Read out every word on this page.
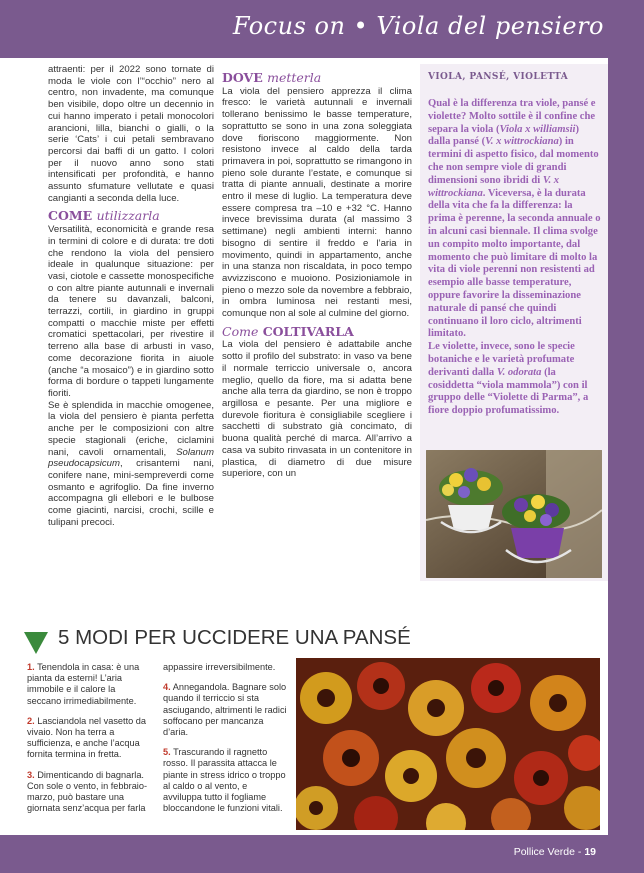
Focus on • Viola del pensiero

attraenti: per il 2022 sono tornate di moda le viole con l’“occhio” nero al centro, non invadente, ma comunque ben visibile, dopo oltre un decennio in cui hanno imperato i petali monocolori arancioni, lilla, bianchi o gialli, o la serie ‘Cats’ i cui petali sembravano percorsi dai baffi di un gatto. I colori per il nuovo anno sono stati intensificati per profondità, e hanno assunto sfumature vellutate e quasi cangianti a seconda della luce.

COME utilizzarla

Versatilità, economicità e grande resa in termini di colore e di durata: tre doti che rendono la viola del pensiero ideale in qualunque situazione: per vasi, ciotole e cassette monospecifiche o con altre piante autunnali e invernali da tenere su davanzali, balconi, terrazzi, cortili, in giardino in gruppi compatti o macchie miste per effetti cromatici spettacolari, per rivestire il terreno alla base di arbusti in vaso, come decorazione fiorita in aiuole (anche “a mosaico”) e in giardino sotto forma di bordure o tappeti lungamente fioriti.

Se è splendida in macchie omogenee, la viola del pensiero è pianta perfetta anche per le composizioni con altre specie stagionali (eriche, ciclamini nani, cavoli ornamentali, Solanum pseudocapsicum, crisantemi nani, conifere nane, mini-sempreverdi come osmanto e agrifoglio. Da fine inverno accompagna gli ellebori e le bulbose come giacinti, narcisi, crochi, scille e tulipani precoci.

DOVE metterla

La viola del pensiero apprezza il clima fresco: le varietà autunnali e invernali tollerano benissimo le basse temperature, soprattutto se sono in una zona soleggiata dove fioriscono maggiormente. Non resistono invece al caldo della tarda primavera in poi, soprattutto se rimangono in pieno sole durante l’estate, e comunque si tratta di piante annuali, destinate a morire entro il mese di luglio. La temperatura deve essere compresa tra –10 e +32 °C. Hanno invece brevissima durata (al massimo 3 settimane) negli ambienti interni: hanno bisogno di sentire il freddo e l’aria in movimento, quindi in appartamento, anche in una stanza non riscaldata, in poco tempo avvizziscono e muoiono. Posizioniamole in pieno o mezzo sole da novembre a febbraio, in ombra luminosa nei restanti mesi, comunque non al sole al culmine del giorno.

Come COLTIVARLA

La viola del pensiero è adattabile anche sotto il profilo del substrato: in vaso va bene il normale terriccio universale o, ancora meglio, quello da fiore, ma si adatta bene anche alla terra da giardino, se non è troppo argillosa e pesante. Per una migliore e durevole fioritura è consigliabile scegliere i sacchetti di substrato già concimato, di buona qualità perché di marca. All’arrivo a casa va subito rinvasata in un contenitore in plastica, di diametro di due misure superiore, con un

VIOLA, PANSÉ, VIOLETTA
Qual è la differenza tra viole, pansé e violette? Molto sottile è il confine che separa la viola (Viola x williamsii) dalla pansé (V. x wittrockiana) in termini di aspetto fisico, dal momento che non sempre viole di grandi dimensioni sono ibridi di V. x wittrockiana. Viceversa, è la durata della vita che fa la differenza: la prima è perenne, la seconda annuale o in alcuni casi biennale. Il clima svolge un compito molto importante, dal momento che può limitare di molto la vita di viole perenni non resistenti ad esempio alle basse temperature, oppure favorire la disseminazione naturale di pansé che quindi continuano il loro ciclo, altrimenti limitato.
Le violette, invece, sono le specie botaniche e le varietà profumate derivanti dalla V. odorata (la cosiddetta “viola mammola”) con il gruppo delle “Violette di Parma”, a fiore doppio profumatissimo.
5 MODI PER UCCIDERE UNA PANSÉ
1. Tenendola in casa: è una pianta da esterni! L’aria immobile e il calore la seccano irrimediabilmente.
2. Lasciandola nel vasetto da vivaio. Non ha terra a sufficienza, e anche l’acqua fornita termina in fretta.
3. Dimenticando di bagnarla. Con sole o vento, in febbraio-marzo, può bastare una giornata senz’acqua per farla
appassire irreversibilmente.
4. Annegandola. Bagnare solo quando il terriccio si sta asciugando, altrimenti le radici soffocano per mancanza d’aria.
5. Trascurando il ragnetto rosso. Il parassita attacca le piante in stress idrico o troppo al caldo o al vento, e avviluppa tutto il fogliame bloccandone le funzioni vitali.
Pollice Verde - 19
